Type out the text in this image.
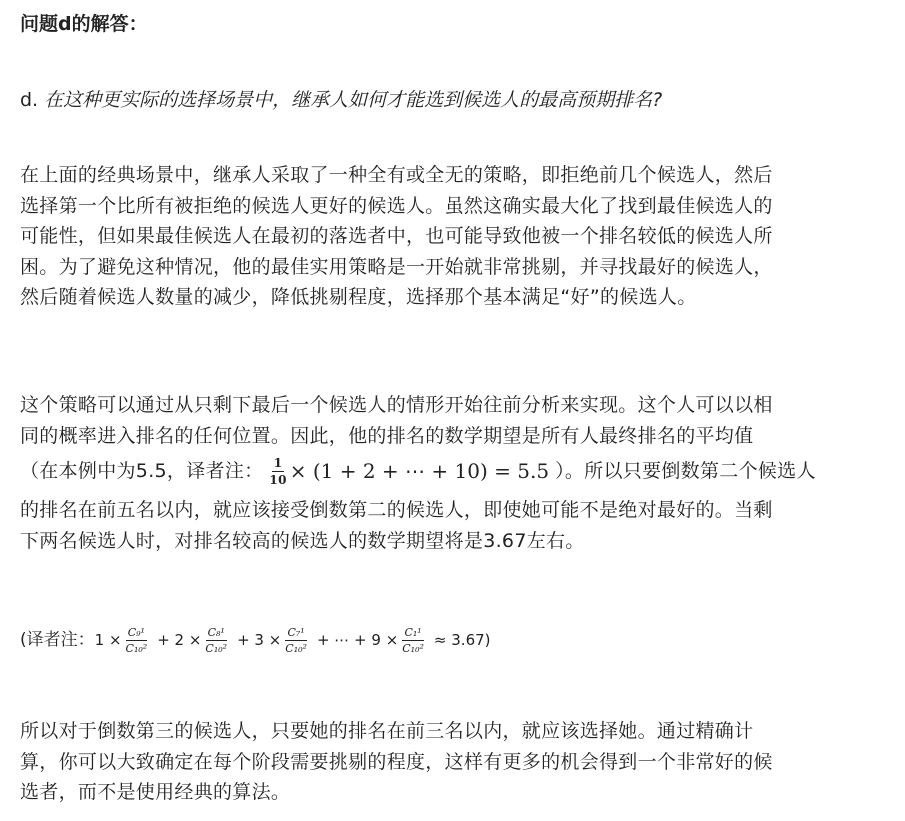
问题d的解答：
d. 在这种更实际的选择场景中，继承人如何才能选到候选人的最高预期排名?
在上面的经典场景中，继承人采取了一种全有或全无的策略，即拒绝前几个候选人，然后
选择第一个比所有被拒绝的候选人更好的候选人。虽然这确实最大化了找到最佳候选人的
可能性，但如果最佳候选人在最初的落选者中，也可能导致他被一个排名较低的候选人所
困。为了避免这种情况，他的最佳实用策略是一开始就非常挑剔，并寻找最好的候选人，
然后随着候选人数量的减少，降低挑剔程度，选择那个基本满足“好”的候选人。
这个策略可以通过从只剩下最后一个候选人的情形开始往前分析来实现。这个人可以以相
同的概率进入排名的任何位置。因此，他的排名的数学期望是所有人最终排名的平均值
（在本例中为5.5，译者注： $\frac{1}{10} \times (1 + 2$ + ⋯ + 10) = 5.5 ）。所以只要倒数第二个候选人
的排名在前五名以内，就应该接受倒数第二的候选人，即使她可能不是绝对最好的。当剩
下两名候选人时，对排名较高的候选人的数学期望将是3.67左右。
(译者注： $1 \times \frac{\text{C₉¹}}{\text{C₁₀²}} + 2 \times \frac{\text{C₈¹}}{\text{C₁₀²}} + 3 \times \frac{\text{C₇¹}}{\text{C₁₀²}}$ + ⋯ + $9 \times \frac{\text{C₁¹}}{\text{C₁₀²}} \approx 3.67$)
所以对于倒数第三的候选人，只要她的排名在前三名以内，就应该选择她。通过精确计
算，你可以大致确定在每个阶段需要挑剔的程度，这样有更多的机会得到一个非常好的候
选者，而不是使用经典的算法。
